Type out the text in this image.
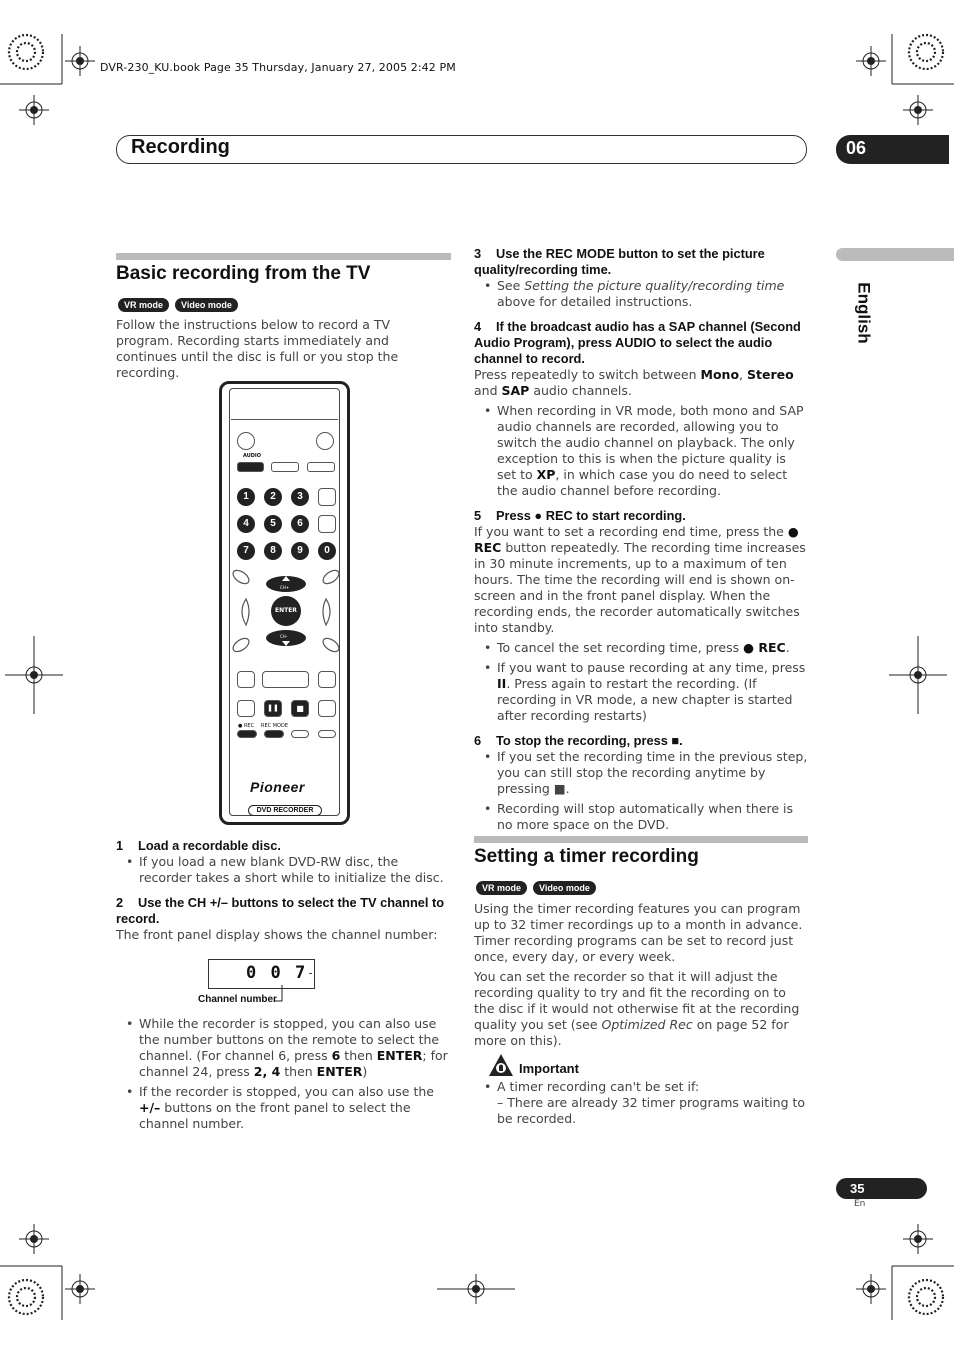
DVR-230_KU.book Page 35 Thursday, January 27, 2005 2:42 PM
Recording	06
English
Basic recording from the TV
VR mode Video mode
Follow the instructions below to record a TV program. Recording starts immediately and continues until the disc is full or you stop the recording.
AUDIO
1	2	3
4	5	6
7	8	9	0
CH+
ENTER
CH–
❚❚	■
● REC REC MODE
Pioneer
DVD RECORDER
1 Load a recordable disc.
• If you load a new blank DVD-RW disc, the recorder takes a short while to initialize the disc.
2 Use the CH +/– buttons to select the TV channel to record.
The front panel display shows the channel number:
0 0 7-
Channel number
• While the recorder is stopped, you can also use the number buttons on the remote to select the channel. (For channel 6, press 6 then ENTER; for channel 24, press 2, 4 then ENTER)
• If the recorder is stopped, you can also use the +/– buttons on the front panel to select the channel number.
3 Use the REC MODE button to set the picture quality/recording time.
• See Setting the picture quality/recording time above for detailed instructions.
4 If the broadcast audio has a SAP channel (Second Audio Program), press AUDIO to select the audio channel to record.
Press repeatedly to switch between Mono, Stereo and SAP audio channels.
• When recording in VR mode, both mono and SAP audio channels are recorded, allowing you to switch the audio channel on playback. The only exception to this is when the picture quality is set to XP, in which case you do need to select the audio channel before recording.
5 Press ● REC to start recording.
If you want to set a recording end time, press the ● REC button repeatedly. The recording time increases in 30 minute increments, up to a maximum of ten hours. The time the recording will end is shown on-screen and in the front panel display. When the recording ends, the recorder automatically switches into standby.
• To cancel the set recording time, press ● REC.
• If you want to pause recording at any time, press II. Press again to restart the recording. (If recording in VR mode, a new chapter is started after recording restarts)
6 To stop the recording, press ■.
• If you set the recording time in the previous step, you can still stop the recording anytime by pressing ■.
• Recording will stop automatically when there is no more space on the DVD.
Setting a timer recording
VR mode Video mode
Using the timer recording features you can program up to 32 timer recordings up to a month in advance. Timer recording programs can be set to record just once, every day, or every week.
You can set the recorder so that it will adjust the recording quality to try and fit the recording on to the disc if it would not otherwise fit at the recording quality you set (see Optimized Rec on page 52 for more on this).
Important
• A timer recording can't be set if:
– There are already 32 timer programs waiting to be recorded.
35
En
